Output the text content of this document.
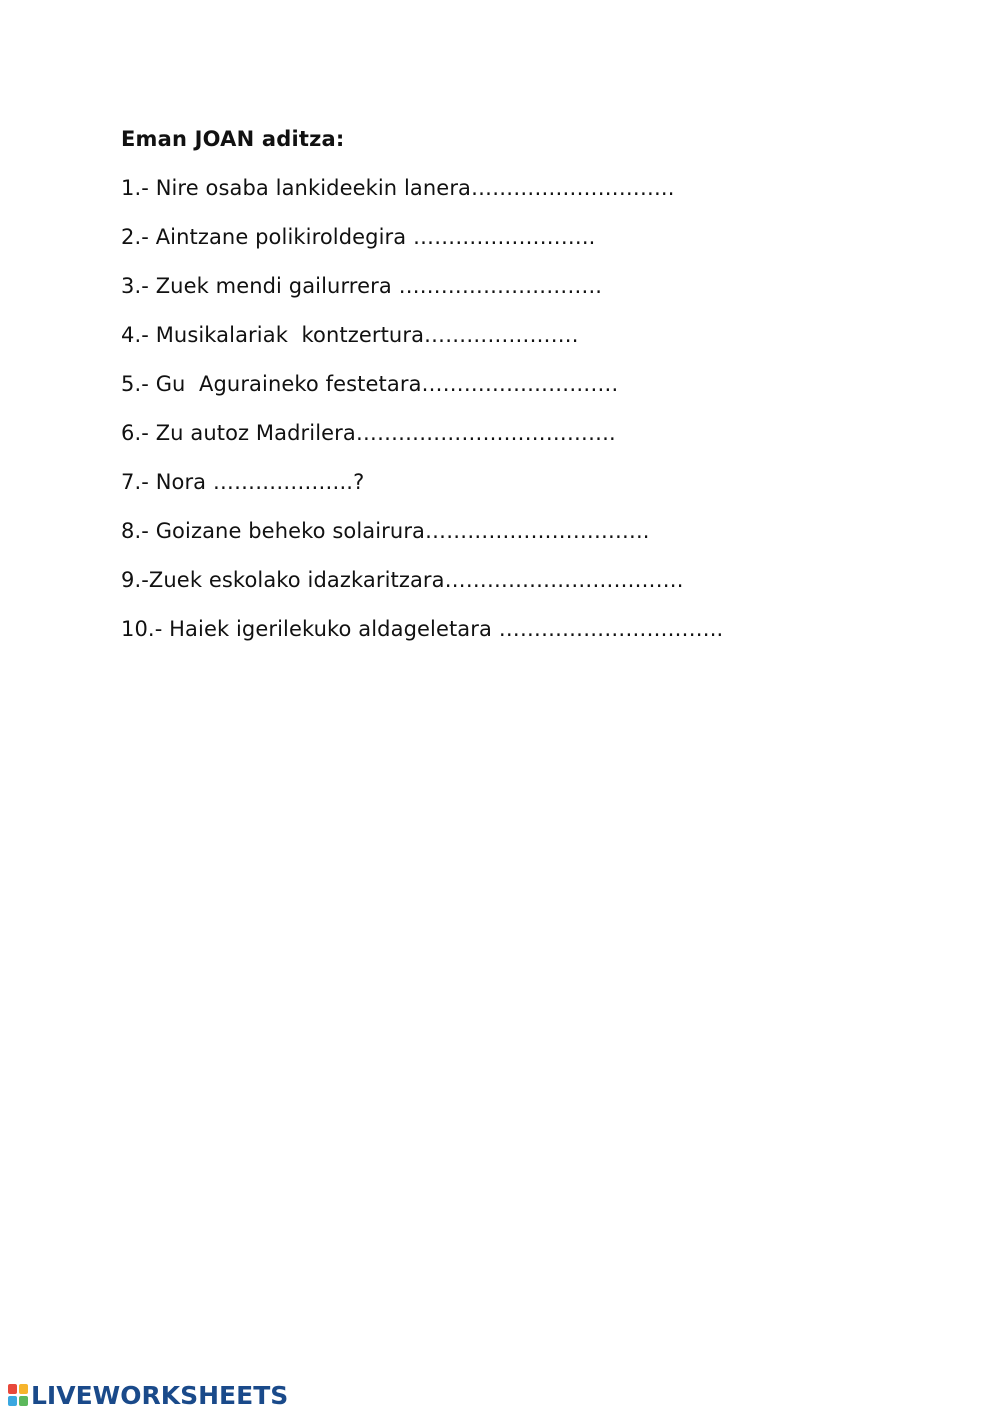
Eman JOAN aditza:
1.- Nire osaba lankideekin lanera………………………..
2.- Aintzane polikiroldegira ……………………..
3.- Zuek mendi gailurrera ………………………..
4.- Musikalariak  kontzertura………………….
5.- Gu  Aguraineko festetara……………………….
6.- Zu autoz Madrilera……………………………….
7.- Nora ………………..?
8.- Goizane beheko solairura…………………………..
9.-Zuek eskolako idazkaritzara…………………………….
10.- Haiek igerilekuko aldageletara …………………………..
LIVEWORKSHEETS
